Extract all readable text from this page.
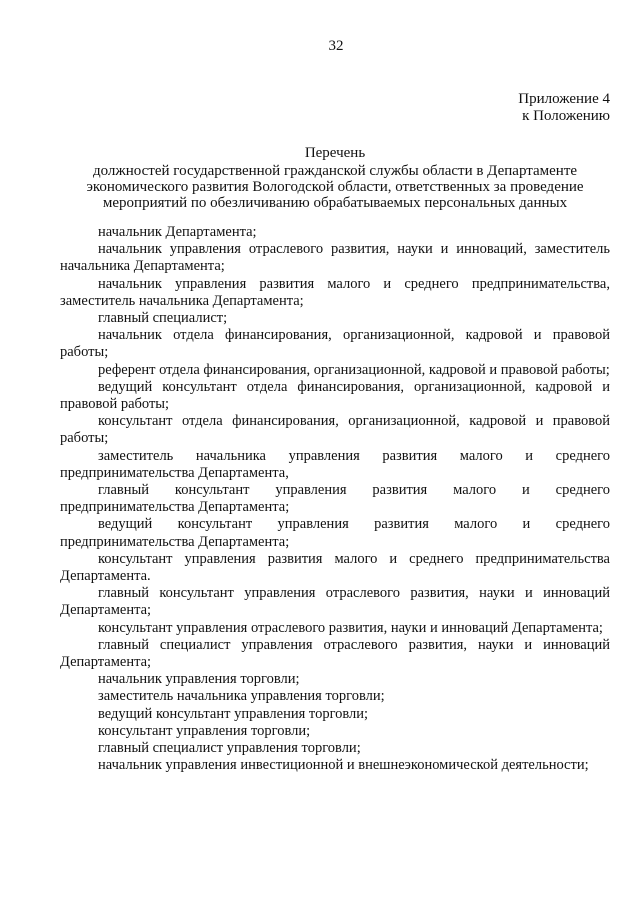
32
Приложение 4
к Положению
Перечень
должностей государственной гражданской службы области в Департаменте
экономического развития Вологодской области, ответственных за проведение
мероприятий по обезличиванию обрабатываемых персональных данных
начальник Департамента;
начальник управления отраслевого развития, науки и инноваций, заместитель начальника Департамента;
начальник управления развития малого и среднего предпринимательства, заместитель начальника Департамента;
главный специалист;
начальник отдела финансирования, организационной, кадровой и правовой работы;
референт отдела финансирования, организационной, кадровой и правовой работы;
ведущий консультант отдела финансирования, организационной, кадровой и правовой работы;
консультант отдела финансирования, организационной, кадровой и правовой работы;
заместитель начальника управления развития малого и среднего предпринимательства Департамента,
главный консультант управления развития малого и среднего предпринимательства Департамента;
ведущий консультант управления развития малого и среднего предпринимательства Департамента;
консультант управления развития малого и среднего предпринимательства Департамента.
главный консультант управления отраслевого развития, науки и инноваций Департамента;
консультант управления отраслевого развития, науки и инноваций Департамента;
главный специалист управления отраслевого развития, науки и инноваций Департамента;
начальник управления торговли;
заместитель начальника управления торговли;
ведущий консультант управления торговли;
консультант управления торговли;
главный специалист управления торговли;
начальник управления инвестиционной и внешнеэкономической деятельности;
